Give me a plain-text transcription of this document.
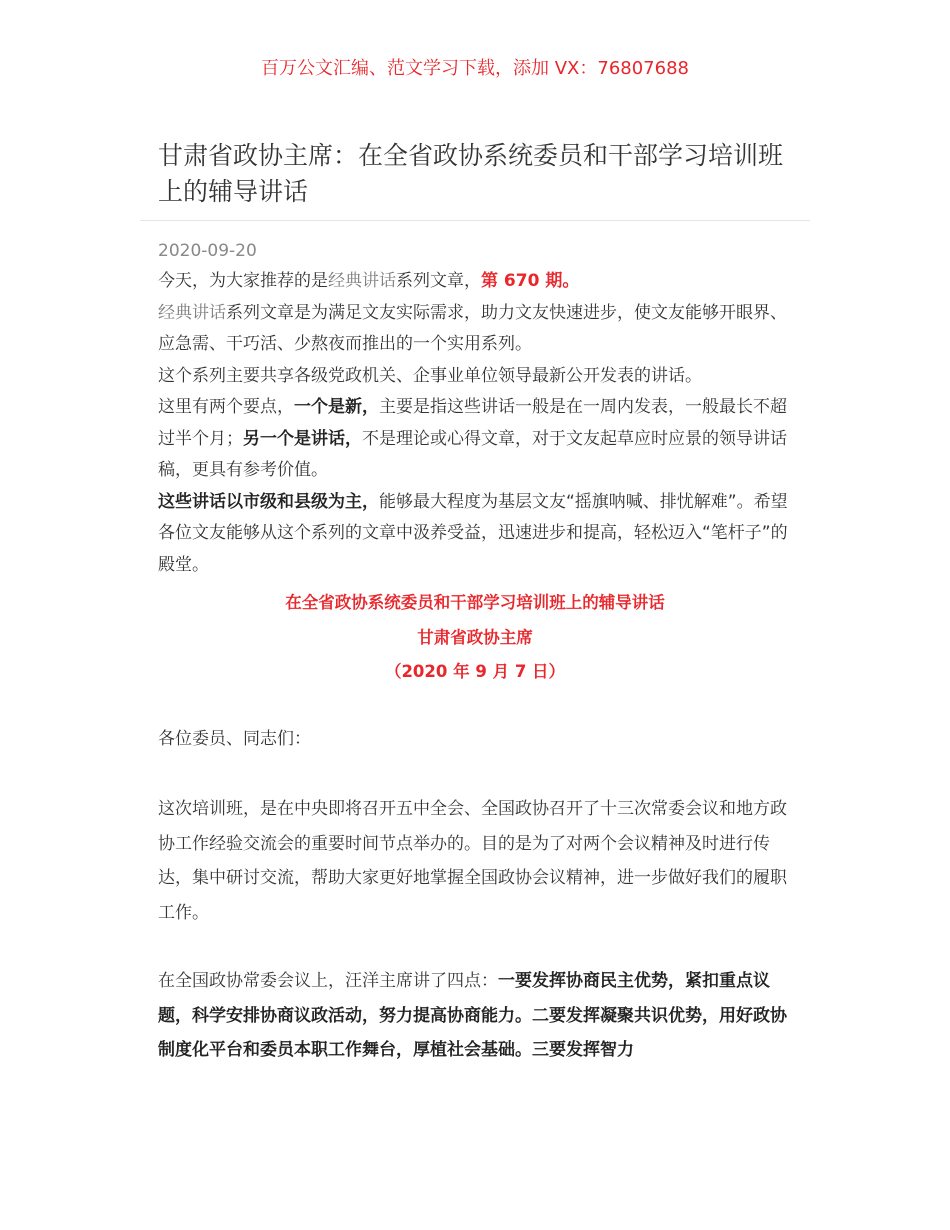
百万公文汇编、范文学习下载，添加 VX：76807688
甘肃省政协主席：在全省政协系统委员和干部学习培训班上的辅导讲话
2020-09-20

今天，为大家推荐的是经典讲话系列文章，第 670 期。

经典讲话系列文章是为满足文友实际需求，助力文友快速进步，使文友能够开眼界、应急需、干巧活、少熬夜而推出的一个实用系列。

这个系列主要共享各级党政机关、企事业单位领导最新公开发表的讲话。

这里有两个要点，一个是新，主要是指这些讲话一般是在一周内发表，一般最长不超过半个月；另一个是讲话，不是理论或心得文章，对于文友起草应时应景的领导讲话稿，更具有参考价值。

这些讲话以市级和县级为主，能够最大程度为基层文友“摇旗呐喊、排忧解难”。希望各位文友能够从这个系列的文章中汲养受益，迅速进步和提高，轻松迈入“笔杆子”的殿堂。

在全省政协系统委员和干部学习培训班上的辅导讲话
甘肃省政协主席
（2020 年 9 月 7 日）

各位委员、同志们：

这次培训班，是在中央即将召开五中全会、全国政协召开了十三次常委会议和地方政协工作经验交流会的重要时间节点举办的。目的是为了对两个会议精神及时进行传达，集中研讨交流，帮助大家更好地掌握全国政协会议精神，进一步做好我们的履职工作。

在全国政协常委会议上，汪洋主席讲了四点：一要发挥协商民主优势，紧扣重点议题，科学安排协商议政活动，努力提高协商能力。二要发挥凝聚共识优势，用好政协制度化平台和委员本职工作舞台，厚植社会基础。三要发挥智力
